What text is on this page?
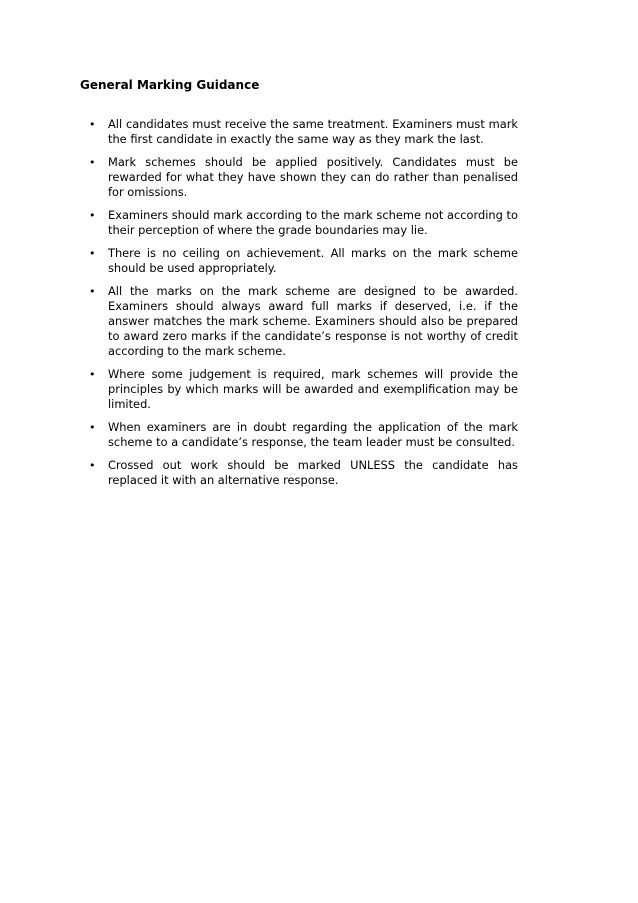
General Marking Guidance
• All candidates must receive the same treatment. Examiners must mark the first candidate in exactly the same way as they mark the last.
• Mark schemes should be applied positively. Candidates must be rewarded for what they have shown they can do rather than penalised for omissions.
• Examiners should mark according to the mark scheme not according to their perception of where the grade boundaries may lie.
• There is no ceiling on achievement. All marks on the mark scheme should be used appropriately.
• All the marks on the mark scheme are designed to be awarded. Examiners should always award full marks if deserved, i.e. if the answer matches the mark scheme. Examiners should also be prepared to award zero marks if the candidate’s response is not worthy of credit according to the mark scheme.
• Where some judgement is required, mark schemes will provide the principles by which marks will be awarded and exemplification may be limited.
• When examiners are in doubt regarding the application of the mark scheme to a candidate’s response, the team leader must be consulted.
• Crossed out work should be marked UNLESS the candidate has replaced it with an alternative response.
